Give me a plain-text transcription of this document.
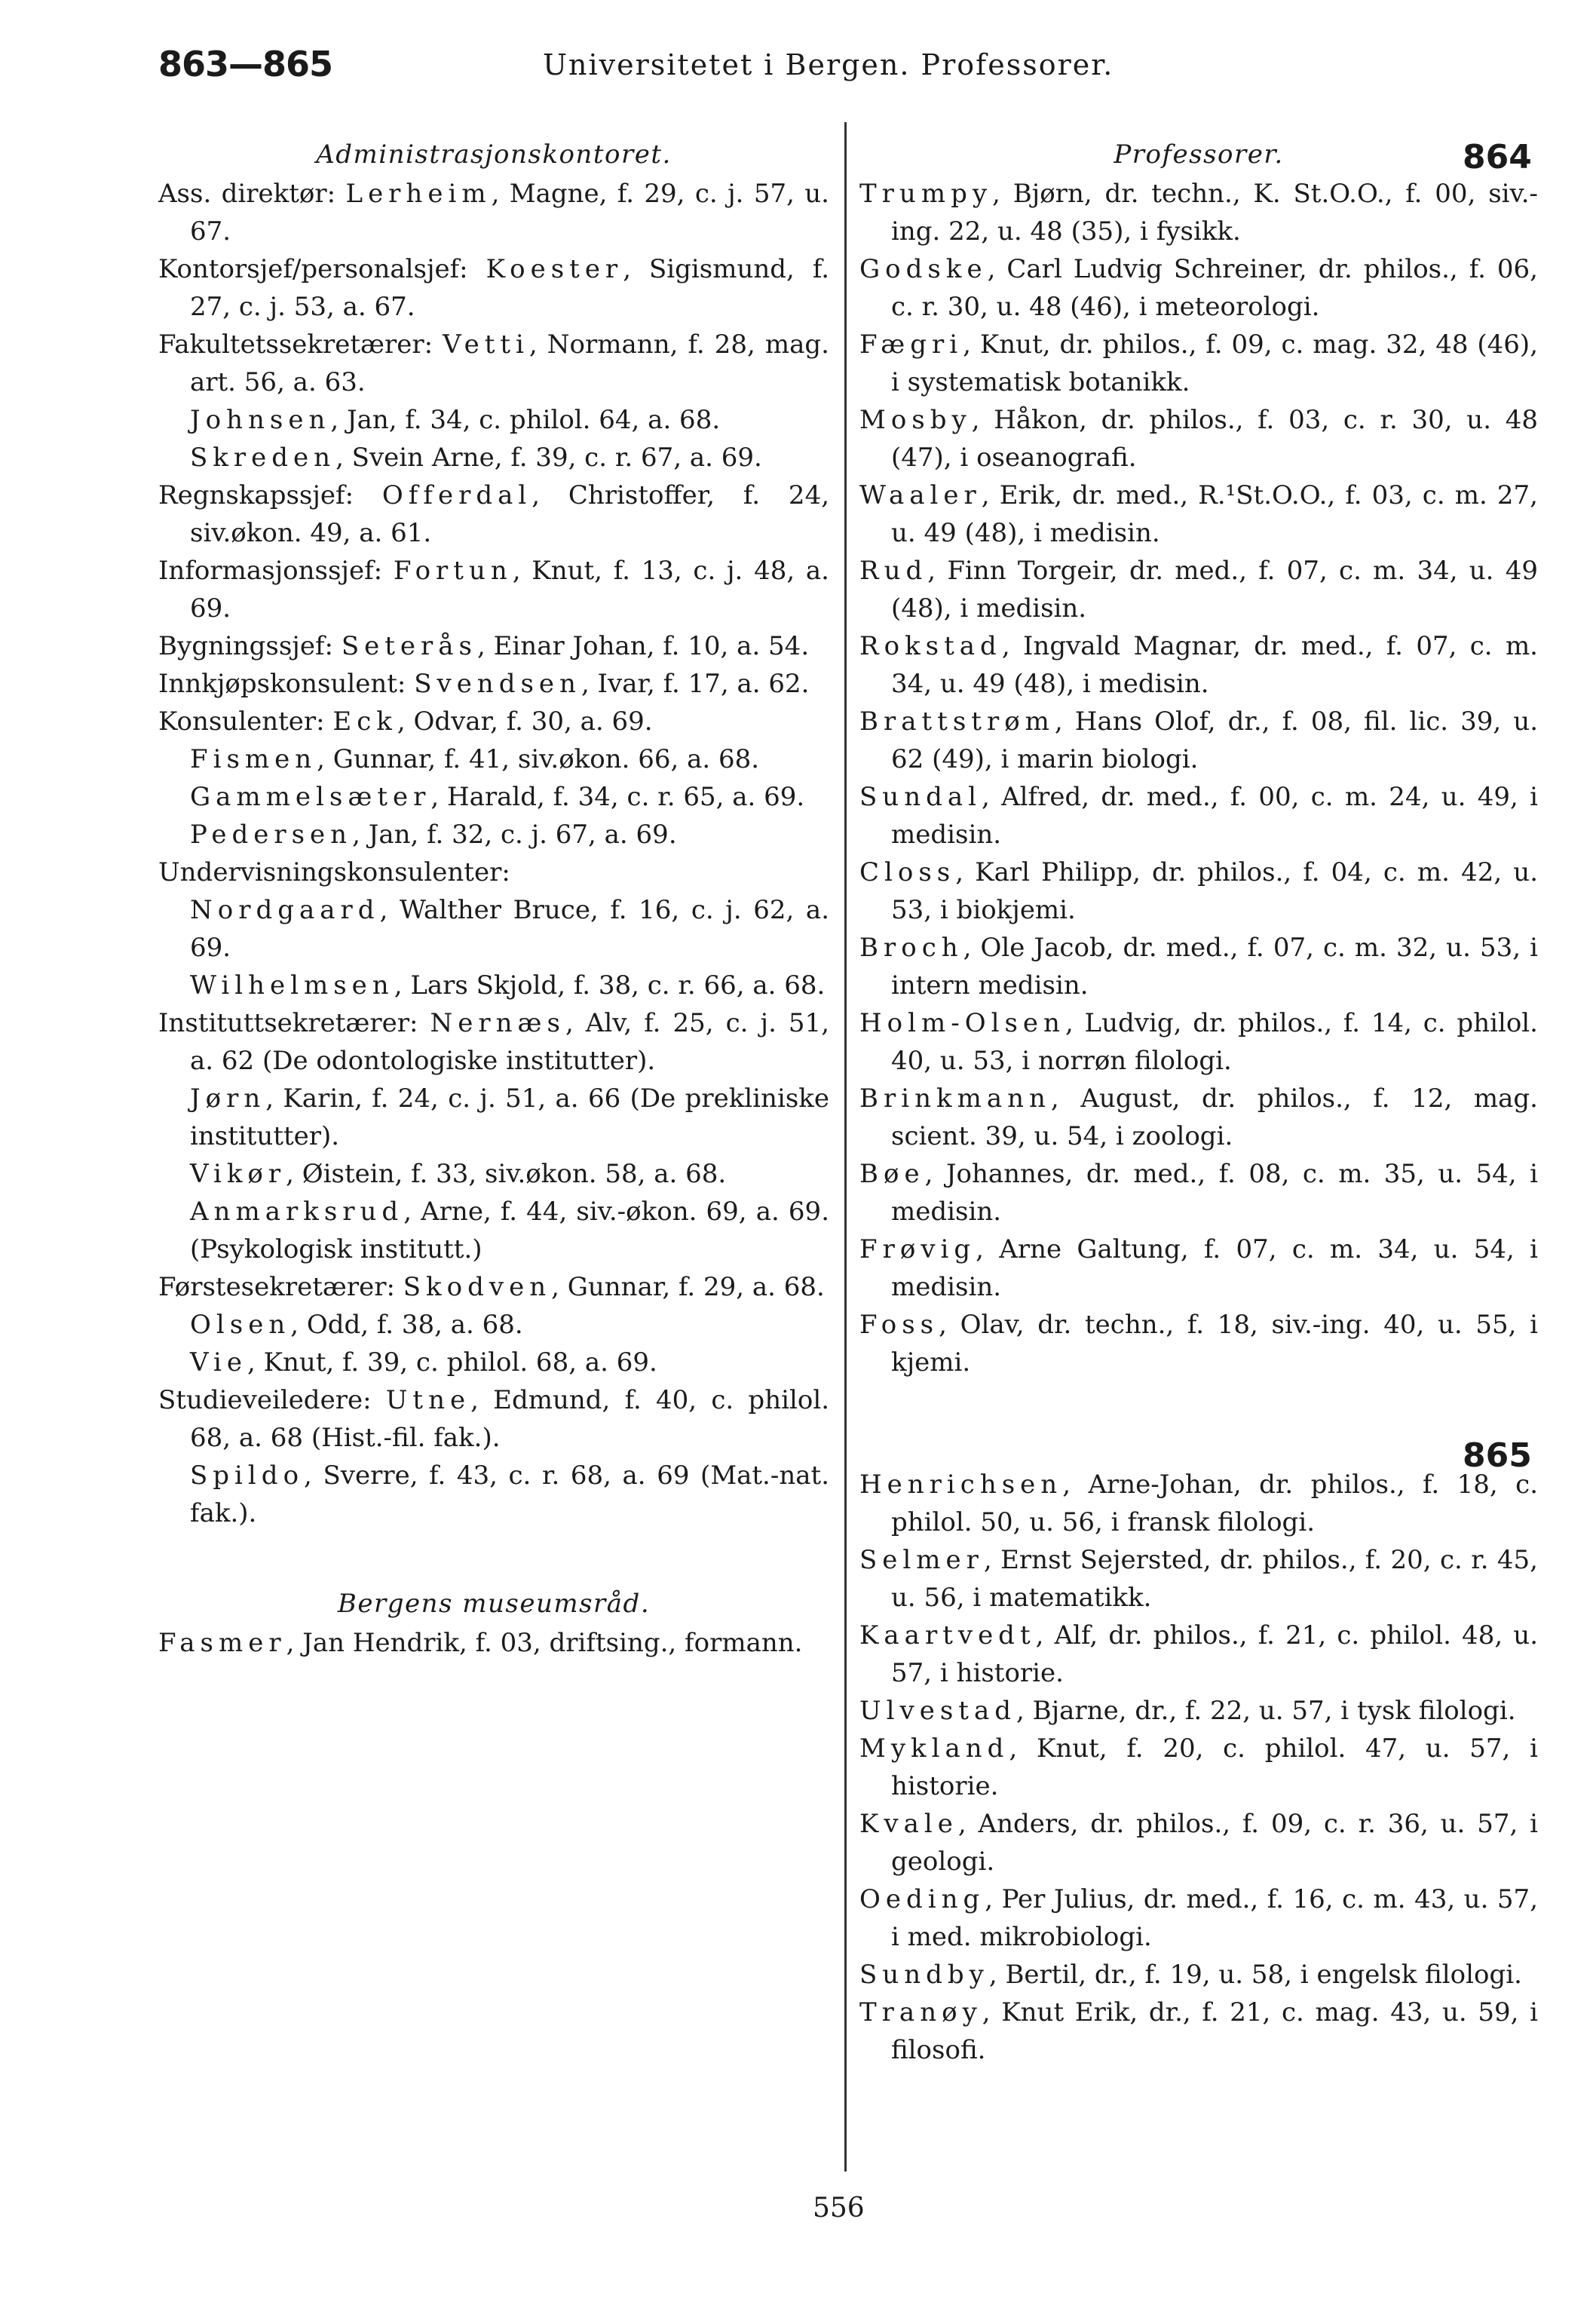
863—865	Universitetet i Bergen. Professorer.
Administrasjonskontoret.
Ass. direktør: Lerheim, Magne, f. 29, c. j. 57, u. 67.
Kontorsjef/personalsjef: Koester, Sigismund, f. 27, c. j. 53, a. 67.
Fakultetssekretærer: Vetti, Normann, f. 28, mag. art. 56, a. 63.
Johnsen, Jan, f. 34, c. philol. 64, a. 68.
Skreden, Svein Arne, f. 39, c. r. 67, a. 69.
Regnskapssjef: Offerdal, Christoffer, f. 24, siv.økon. 49, a. 61.
Informasjonssjef: Fortun, Knut, f. 13, c. j. 48, a. 69.
Bygningssjef: Seterås, Einar Johan, f. 10, a. 54.
Innkjøpskonsulent: Svendsen, Ivar, f. 17, a. 62.
Konsulenter: Eck, Odvar, f. 30, a. 69.
Fismen, Gunnar, f. 41, siv.økon. 66, a. 68.
Gammelsæter, Harald, f. 34, c. r. 65, a. 69.
Pedersen, Jan, f. 32, c. j. 67, a. 69.
Undervisningskonsulenter:
Nordgaard, Walther Bruce, f. 16, c. j. 62, a. 69.
Wilhelmsen, Lars Skjold, f. 38, c. r. 66, a. 68.
Instituttsekretærer: Nernæs, Alv, f. 25, c. j. 51, a. 62 (De odontologiske institutter).
Jørn, Karin, f. 24, c. j. 51, a. 66 (De prekliniske institutter).
Vikør, Øistein, f. 33, siv.økon. 58, a. 68.
Anmarksrud, Arne, f. 44, siv.-økon. 69, a. 69. (Psykologisk institutt.)
Førstesekretærer: Skodven, Gunnar, f. 29, a. 68.
Olsen, Odd, f. 38, a. 68.
Vie, Knut, f. 39, c. philol. 68, a. 69.
Studieveiledere: Utne, Edmund, f. 40, c. philol. 68, a. 68 (Hist.-fil. fak.).
Spildo, Sverre, f. 43, c. r. 68, a. 69 (Mat.-nat. fak.).
Bergens museumsråd.
Fasmer, Jan Hendrik, f. 03, driftsing., formann.
864
865
Professorer.
Trumpy, Bjørn, dr. techn., K. St.O.O., f. 00, siv.-ing. 22, u. 48 (35), i fysikk.
Godske, Carl Ludvig Schreiner, dr. philos., f. 06, c. r. 30, u. 48 (46), i meteorologi.
Fægri, Knut, dr. philos., f. 09, c. mag. 32, 48 (46), i systematisk botanikk.
Mosby, Håkon, dr. philos., f. 03, c. r. 30, u. 48 (47), i oseanografi.
Waaler, Erik, dr. med., R.¹St.O.O., f. 03, c. m. 27, u. 49 (48), i medisin.
Rud, Finn Torgeir, dr. med., f. 07, c. m. 34, u. 49 (48), i medisin.
Rokstad, Ingvald Magnar, dr. med., f. 07, c. m. 34, u. 49 (48), i medisin.
Brattstrøm, Hans Olof, dr., f. 08, fil. lic. 39, u. 62 (49), i marin biologi.
Sundal, Alfred, dr. med., f. 00, c. m. 24, u. 49, i medisin.
Closs, Karl Philipp, dr. philos., f. 04, c. m. 42, u. 53, i biokjemi.
Broch, Ole Jacob, dr. med., f. 07, c. m. 32, u. 53, i intern medisin.
Holm-Olsen, Ludvig, dr. philos., f. 14, c. philol. 40, u. 53, i norrøn filologi.
Brinkmann, August, dr. philos., f. 12, mag. scient. 39, u. 54, i zoologi.
Bøe, Johannes, dr. med., f. 08, c. m. 35, u. 54, i medisin.
Frøvig, Arne Galtung, f. 07, c. m. 34, u. 54, i medisin.
Foss, Olav, dr. techn., f. 18, siv.-ing. 40, u. 55, i kjemi.
Henrichsen, Arne-Johan, dr. philos., f. 18, c. philol. 50, u. 56, i fransk filologi.
Selmer, Ernst Sejersted, dr. philos., f. 20, c. r. 45, u. 56, i matematikk.
Kaartvedt, Alf, dr. philos., f. 21, c. philol. 48, u. 57, i historie.
Ulvestad, Bjarne, dr., f. 22, u. 57, i tysk filologi.
Mykland, Knut, f. 20, c. philol. 47, u. 57, i historie.
Kvale, Anders, dr. philos., f. 09, c. r. 36, u. 57, i geologi.
Oeding, Per Julius, dr. med., f. 16, c. m. 43, u. 57, i med. mikrobiologi.
Sundby, Bertil, dr., f. 19, u. 58, i engelsk filologi.
Tranøy, Knut Erik, dr., f. 21, c. mag. 43, u. 59, i filosofi.
556
